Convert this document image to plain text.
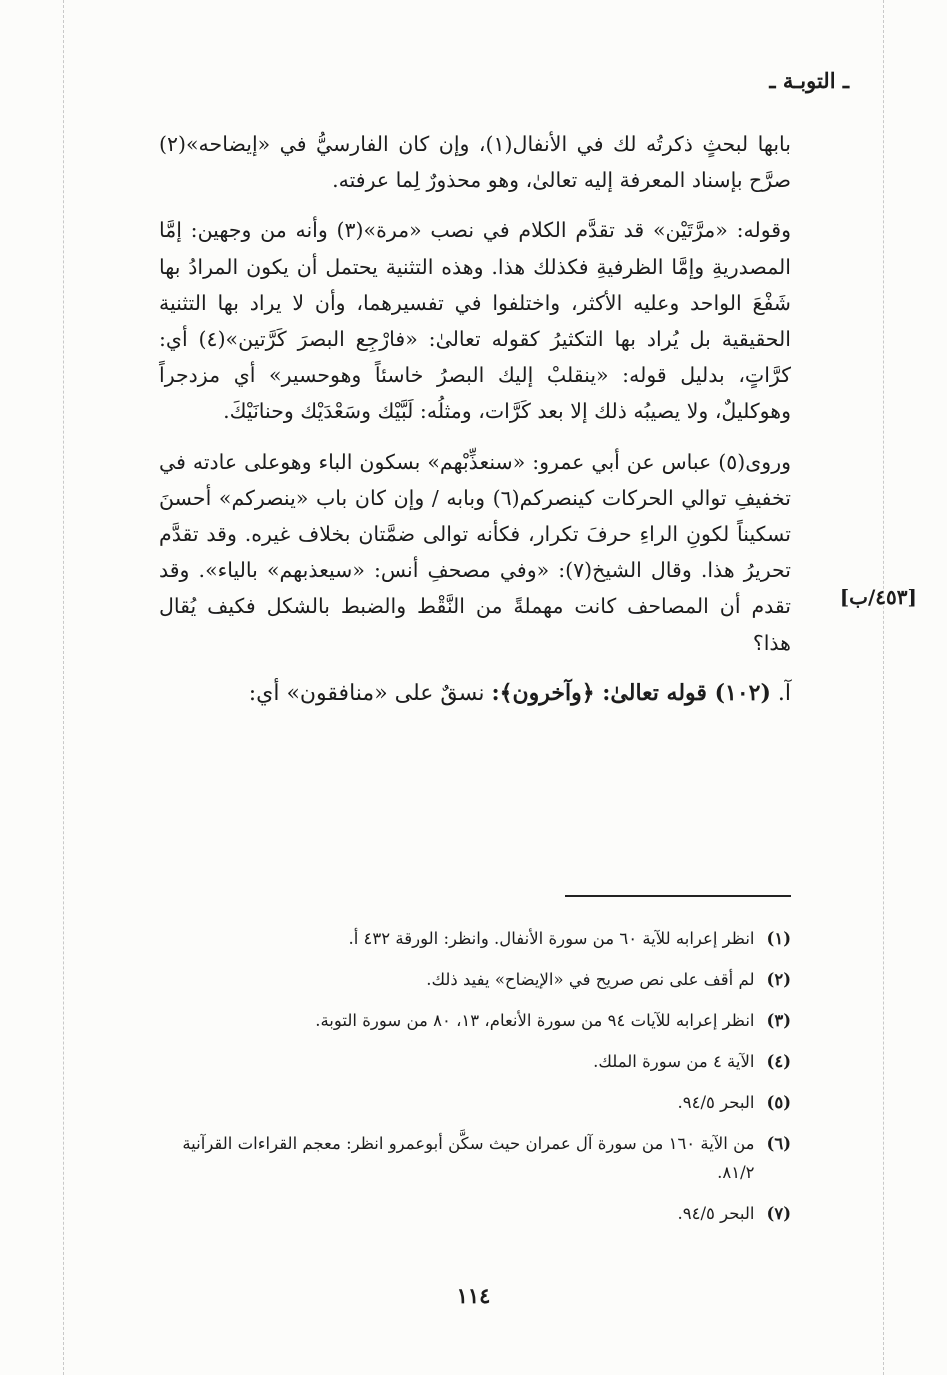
ـ التوبـة ـ
[٤٥٣/ب]

بابها لبحثٍ ذكرتُه لك في الأنفال(١)، وإن كان الفارسيُّ في «إيضاحه»(٢) صرَّح بإسناد المعرفة إليه تعالىٰ، وهو محذورٌ لِما عرفته.

وقوله: «مرَّتَيْن» قد تقدَّم الكلام في نصب «مرة»(٣) وأنه من وجهين: إمَّا المصدريةِ وإمَّا الظرفيةِ فكذلك هذا. وهذه التثنية يحتمل أن يكون المرادُ بها شَفْعَ الواحد وعليه الأكثر، واختلفوا في تفسيرهما، وأن لا يراد بها التثنية الحقيقية بل يُراد بها التكثيرُ كقوله تعالىٰ: «فارْجِع البصرَ كَرَّتين»(٤) أي: كرَّاتٍ، بدليل قوله: «ينقلبْ إليك البصرُ خاسئاً وهوحسير» أي مزدجراً وهوكليلٌ، ولا يصيبُه ذلك إلا بعد كَرَّات، ومثلُه: لَبَّيْك وسَعْدَيْك وحنانَيْكَ.

وروى(٥) عباس عن أبي عمرو: «سنعذِّبْهم» بسكون الباء وهوعلى عادته في تخفيفِ توالي الحركات كينصركم(٦) وبابه / وإن كان باب «ينصركم» أحسنَ تسكيناً لكونِ الراءِ حرفَ تكرار، فكأنه توالى ضمَّتان بخلاف غيره. وقد تقدَّم تحريرُ هذا. وقال الشيخ(٧): «وفي مصحفِ أنس: «سيعذبهم» بالياء». وقد تقدم أن المصاحف كانت مهملةً من النَّقْط والضبط بالشكل فكيف يُقال هذا؟

آ. (١٠٢) قوله تعالىٰ: ﴿وآخرون﴾: نسقٌ على «منافقون» أي:

(١)
انظر إعرابه للآية ٦٠ من سورة الأنفال. وانظر: الورقة ٤٣٢ أ.
(٢)
لم أقف على نص صريح في «الإيضاح» يفيد ذلك.
(٣)
انظر إعرابه للآيات ٩٤ من سورة الأنعام، ١٣، ٨٠ من سورة التوبة.
(٤)
الآية ٤ من سورة الملك.
(٥)
البحر ٩٤/٥.
(٦)
من الآية ١٦٠ من سورة آل عمران حيث سكَّن أبوعمرو انظر: معجم القراءات القرآنية ٨١/٢.
(٧)
البحر ٩٤/٥.
١١٤
